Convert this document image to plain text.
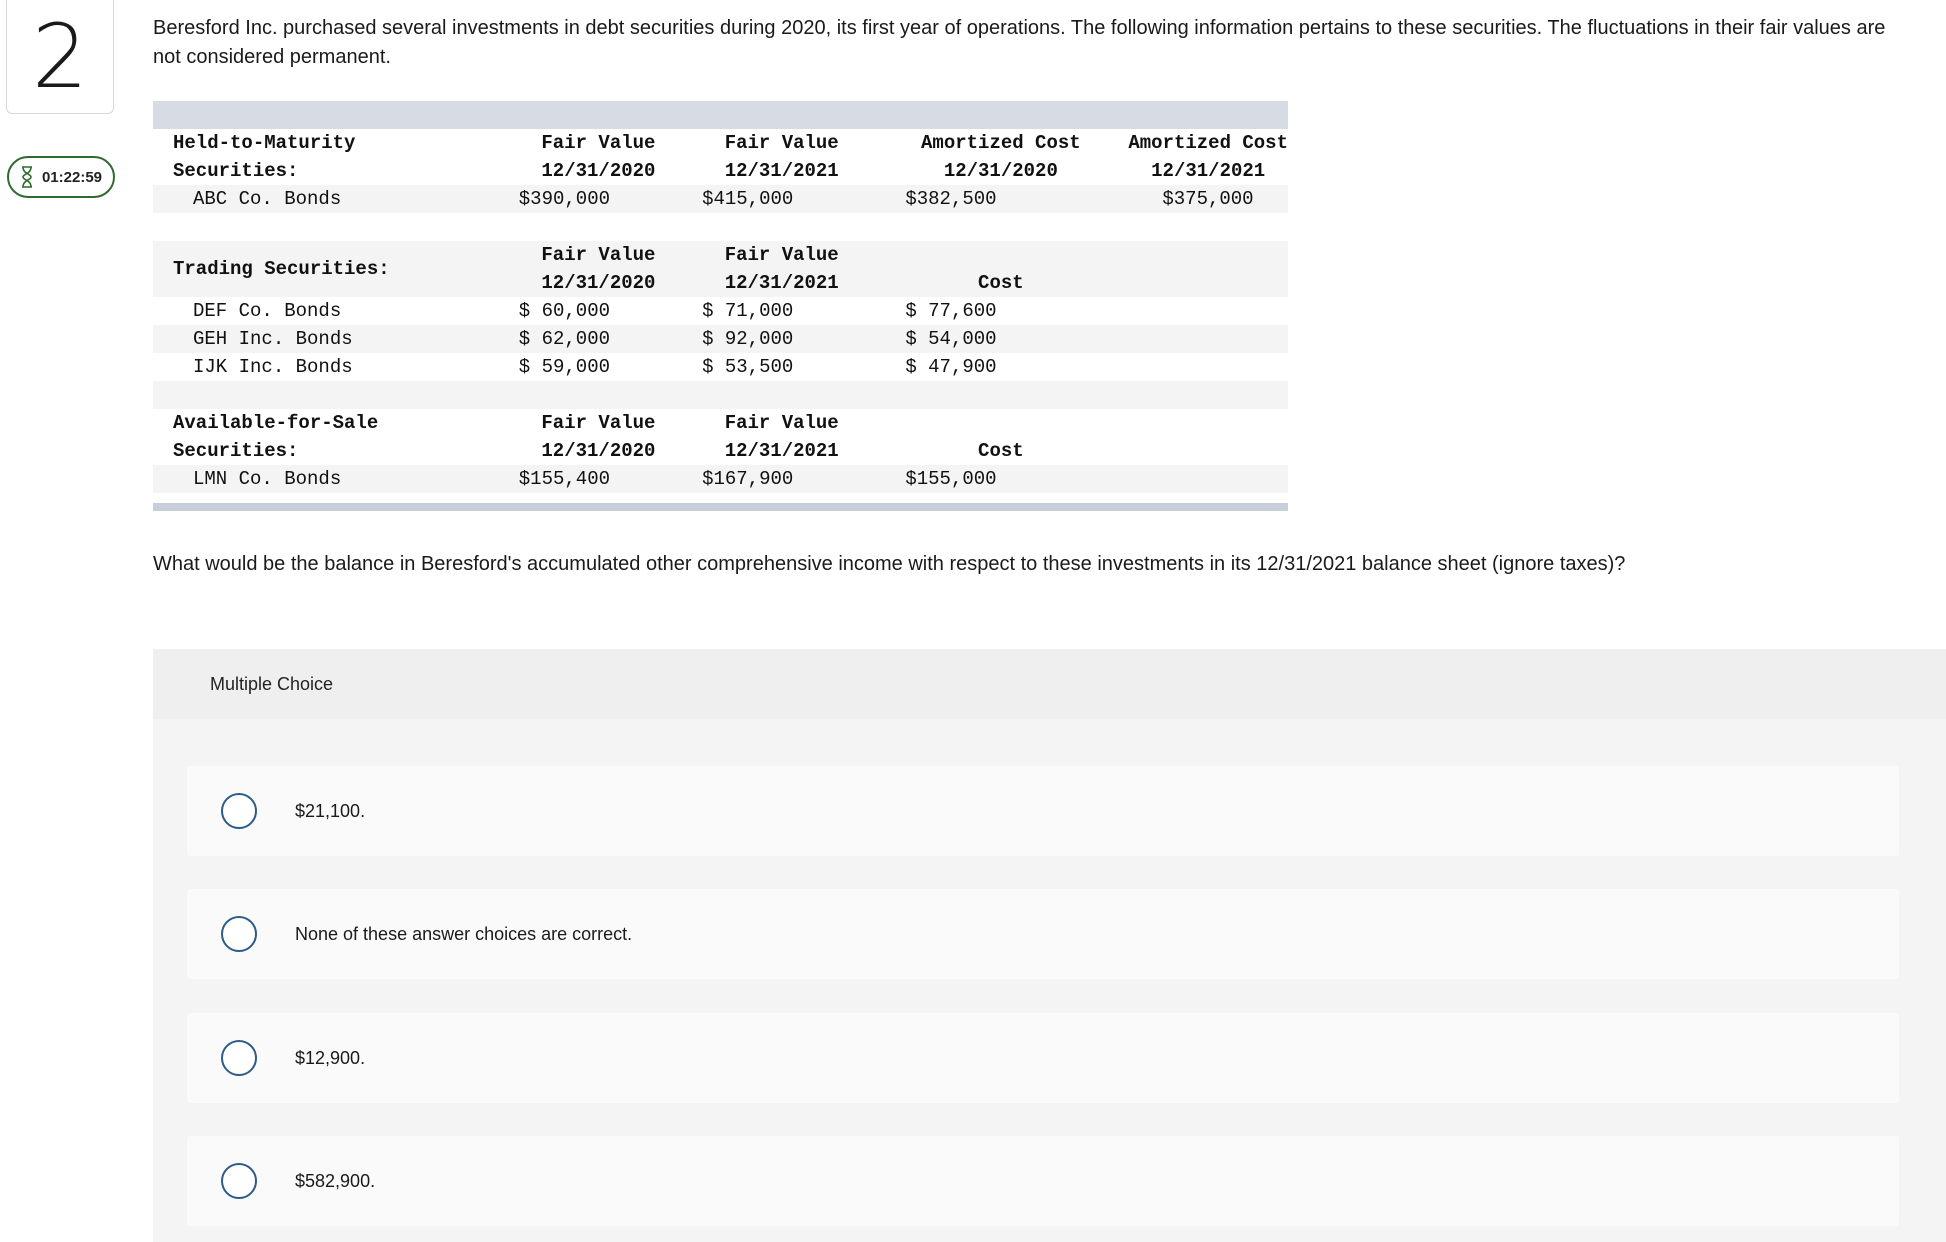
2
01:22:59

Beresford Inc. purchased several investments in debt securities during 2020, its first year of operations. The following information pertains to these securities. The fluctuations in their fair values are not considered permanent.

Held-to-Maturity	Fair Value	Fair Value	Amortized Cost	Amortized Cost
Securities:	12/31/2020	12/31/2021	12/31/2020	12/31/2021
ABC Co. Bonds	$390,000	$415,000	$382,500	$375,000

Trading Securities:	Fair Value	Fair Value		
	12/31/2020	12/31/2021	Cost	
DEF Co. Bonds	$ 60,000	$ 71,000	$ 77,600	
GEH Inc. Bonds	$ 62,000	$ 92,000	$ 54,000	
IJK Inc. Bonds	$ 59,000	$ 53,500	$ 47,900	

Available-for-Sale	Fair Value	Fair Value		
Securities:	12/31/2020	12/31/2021	Cost	
LMN Co. Bonds	$155,400	$167,900	$155,000	

What would be the balance in Beresford's accumulated other comprehensive income with respect to these investments in its 12/31/2021 balance sheet (ignore taxes)?

Multiple Choice
$21,100.
None of these answer choices are correct.
$12,900.
$582,900.
